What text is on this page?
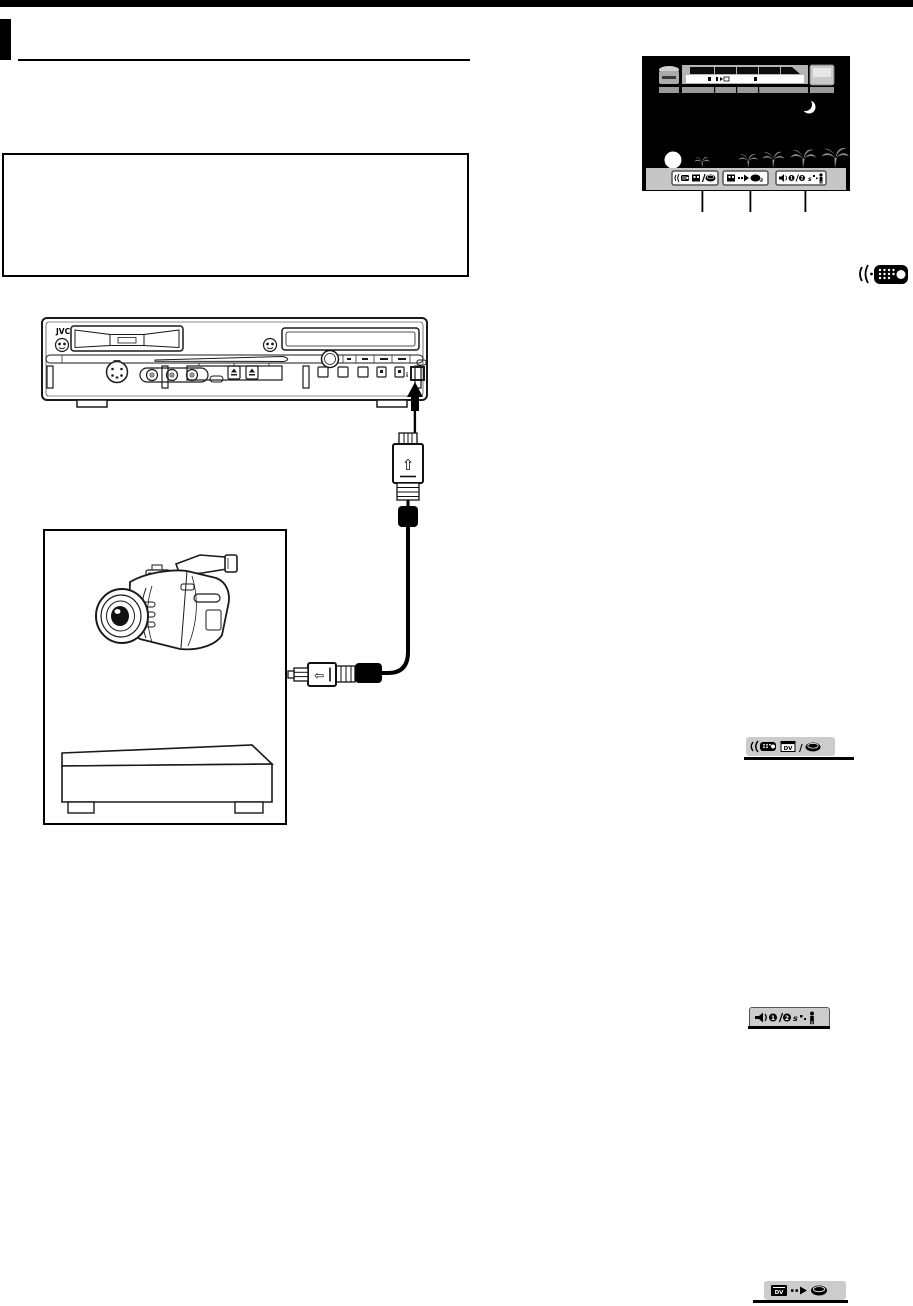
1 2 s
JVC
i
⇧
⇦
DV /
1 2 s
DV
